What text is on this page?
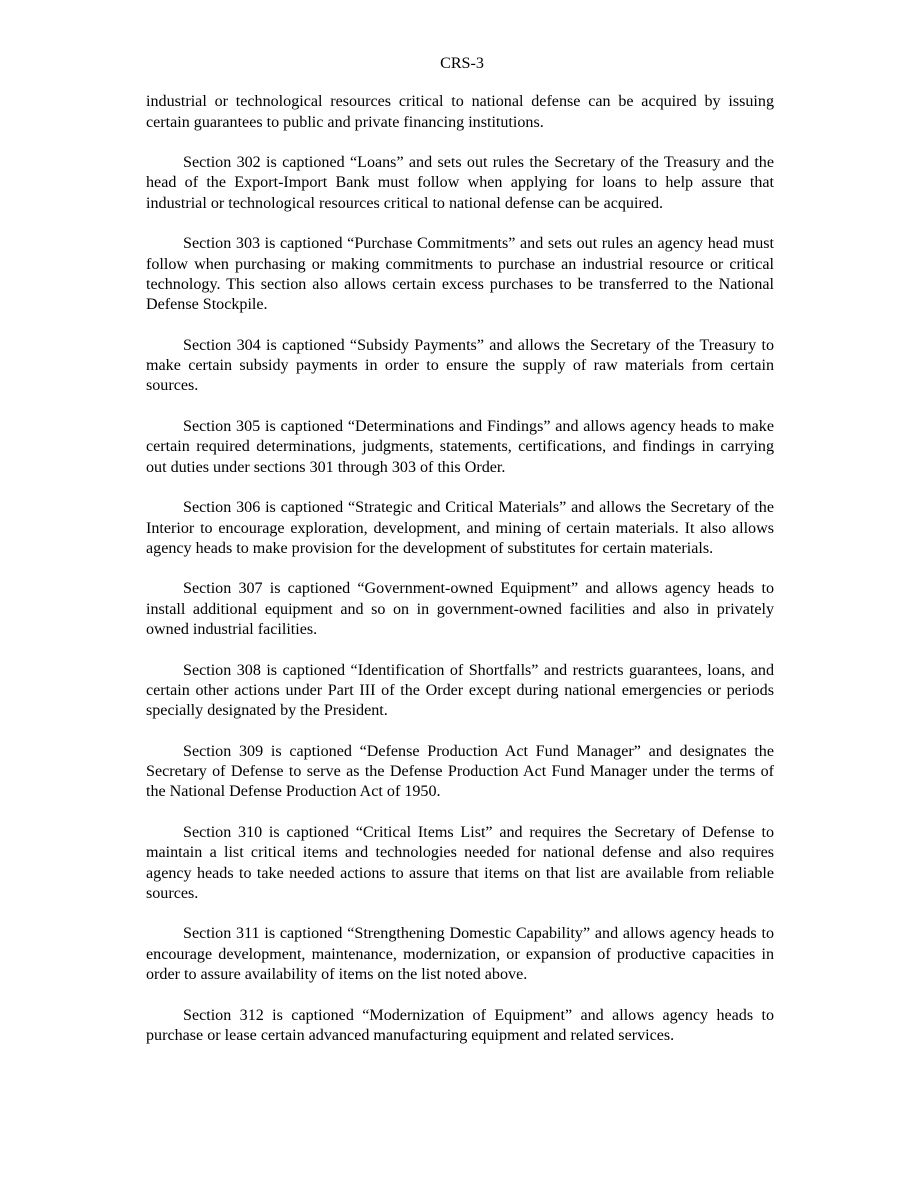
CRS-3

industrial or technological resources critical to national defense can be acquired by issuing certain guarantees to public and private financing institutions.

Section 302 is captioned “Loans” and sets out rules the Secretary of the Treasury and the head of the Export-Import Bank must follow when applying for loans to help assure that industrial or technological resources critical to national defense can be acquired.

Section 303 is captioned “Purchase Commitments” and sets out rules an agency head must follow when purchasing or making commitments to purchase an industrial resource or critical technology. This section also allows certain excess purchases to be transferred to the National Defense Stockpile.

Section 304 is captioned “Subsidy Payments” and allows the Secretary of the Treasury to make certain subsidy payments in order to ensure the supply of raw materials from certain sources.

Section 305 is captioned “Determinations and Findings” and allows agency heads to make certain required determinations, judgments, statements, certifications, and findings in carrying out duties under sections 301 through 303 of this Order.

Section 306 is captioned “Strategic and Critical Materials” and allows the Secretary of the Interior to encourage exploration, development, and mining of certain materials. It also allows agency heads to make provision for the development of substitutes for certain materials.

Section 307 is captioned “Government-owned Equipment” and allows agency heads to install additional equipment and so on in government-owned facilities and also in privately owned industrial facilities.

Section 308 is captioned “Identification of Shortfalls” and restricts guarantees, loans, and certain other actions under Part III of the Order except during national emergencies or periods specially designated by the President.

Section 309 is captioned “Defense Production Act Fund Manager” and designates the Secretary of Defense to serve as the Defense Production Act Fund Manager under the terms of the National Defense Production Act of 1950.

Section 310 is captioned “Critical Items List” and requires the Secretary of Defense to maintain a list critical items and technologies needed for national defense and also requires agency heads to take needed actions to assure that items on that list are available from reliable sources.

Section 311 is captioned “Strengthening Domestic Capability” and allows agency heads to encourage development, maintenance, modernization, or expansion of productive capacities in order to assure availability of items on the list noted above.

Section 312 is captioned “Modernization of Equipment” and allows agency heads to purchase or lease certain advanced manufacturing equipment and related services.
